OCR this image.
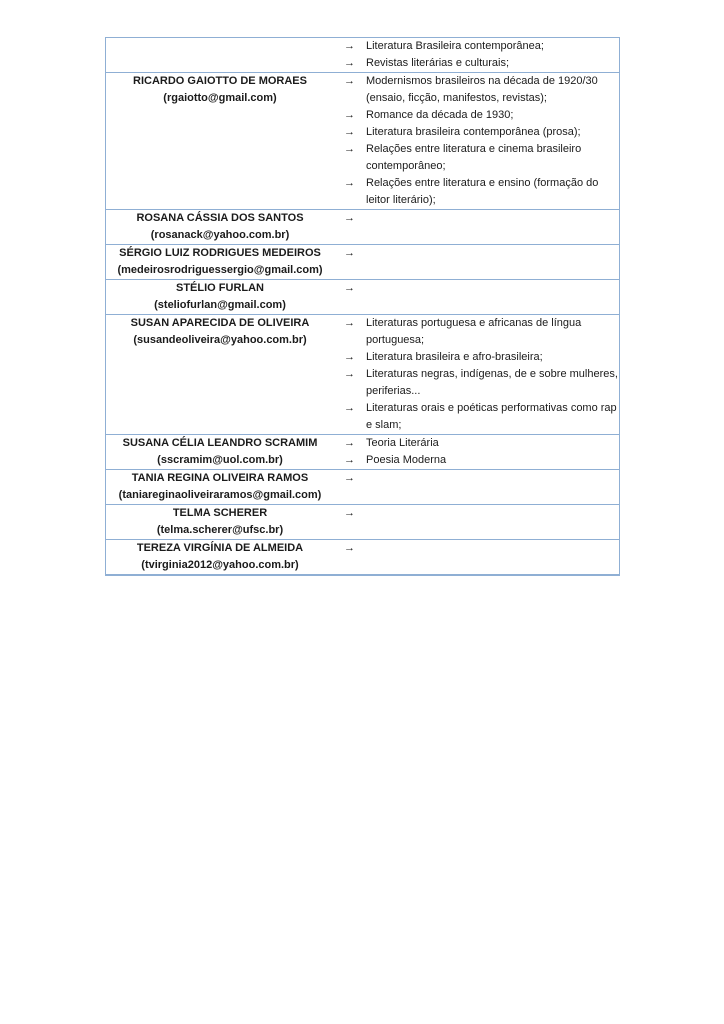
→	Literatura Brasileira contemporânea;
→	Revistas literárias e culturais;
RICARDO GAIOTTO DE MORAES
(rgaiotto@gmail.com)
→	Modernismos brasileiros na década de 1920/30 (ensaio, ficção, manifestos, revistas);
→	Romance da década de 1930;
→	Literatura brasileira contemporânea (prosa);
→	Relações entre literatura e cinema brasileiro contemporâneo;
→	Relações entre literatura e ensino (formação do leitor literário);
ROSANA CÁSSIA DOS SANTOS
(rosanack@yahoo.com.br)
→
SÉRGIO LUIZ RODRIGUES MEDEIROS
(medeirosrodriguessergio@gmail.com)
→
STÉLIO FURLAN
(steliofurlan@gmail.com)
→
SUSAN APARECIDA DE OLIVEIRA
(susandeoliveira@yahoo.com.br)
→	Literaturas portuguesa e africanas de língua portuguesa;
→	Literatura brasileira e afro-brasileira;
→	Literaturas negras, indígenas, de e sobre mulheres, periferias...
→	Literaturas orais e poéticas performativas como rap e slam;
SUSANA CÉLIA LEANDRO SCRAMIM
(sscramim@uol.com.br)
→	Teoria Literária
→	Poesia Moderna
TANIA REGINA OLIVEIRA RAMOS
(taniareginaoliveiraramos@gmail.com)
→
TELMA SCHERER
(telma.scherer@ufsc.br)
→
TEREZA VIRGÍNIA DE ALMEIDA
(tvirginia2012@yahoo.com.br)
→
